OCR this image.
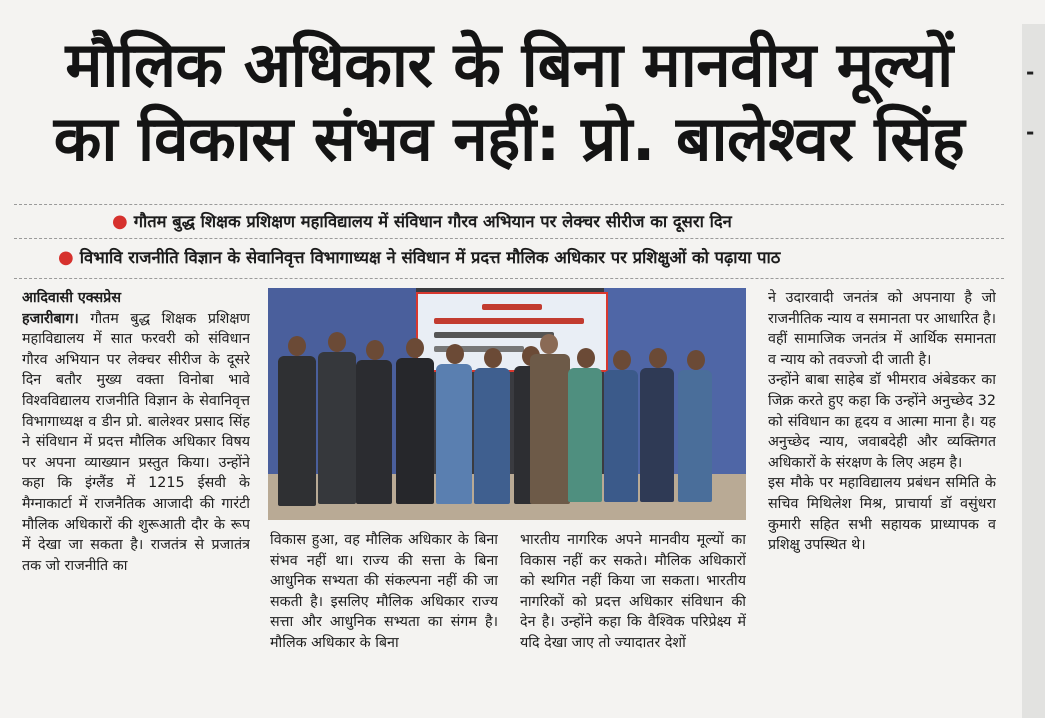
मौलिक अधिकार के बिना मानवीय मूल्यों
का विकास संभव नहीं: प्रो. बालेश्वर सिंह
● गौतम बुद्ध शिक्षक प्रशिक्षण महाविद्यालय में संविधान गौरव अभियान पर लेक्चर सीरीज का दूसरा दिन
● विभावि राजनीति विज्ञान के सेवानिवृत्त विभागाध्यक्ष ने संविधान में प्रदत्त मौलिक अधिकार पर प्रशिक्षुओं को पढ़ाया पाठ

आदिवासी एक्सप्रेस

हजारीबाग। गौतम बुद्ध शिक्षक प्रशिक्षण महाविद्यालय में सात फरवरी को संविधान गौरव अभियान पर लेक्चर सीरीज के दूसरे दिन बतौर मुख्य वक्ता विनोबा भावे विश्वविद्यालय राजनीति विज्ञान के सेवानिवृत्त विभागाध्यक्ष व डीन प्रो. बालेश्वर प्रसाद सिंह ने संविधान में प्रदत्त मौलिक अधिकार विषय पर अपना व्याख्यान प्रस्तुत किया। उन्होंने कहा कि इंग्लैंड में 1215 ईसवी के मैग्नाकार्टा में राजनैतिक आजादी की गारंटी मौलिक अधिकारों की शुरूआती दौर के रूप में देखा जा सकता है। राजतंत्र से प्रजातंत्र तक जो राजनीति का

विकास हुआ, वह मौलिक अधिकार के बिना संभव नहीं था। राज्य की सत्ता के बिना आधुनिक सभ्यता की संकल्पना नहीं की जा सकती है। इसलिए मौलिक अधिकार राज्य सत्ता और आधुनिक सभ्यता का संगम है। मौलिक अधिकार के बिना

भारतीय नागरिक अपने मानवीय मूल्यों का विकास नहीं कर सकते। मौलिक अधिकारों को स्थगित नहीं किया जा सकता। भारतीय नागरिकों को प्रदत्त अधिकार संविधान की देन है। उन्होंने कहा कि वैश्विक परिप्रेक्ष्य में यदि देखा जाए तो ज्यादातर देशों

ने उदारवादी जनतंत्र को अपनाया है जो राजनीतिक न्याय व समानता पर आधारित है। वहीं सामाजिक जनतंत्र में आर्थिक समानता व न्याय को तवज्जो दी जाती है।

उन्होंने बाबा साहेब डॉ भीमराव अंबेडकर का जिक्र करते हुए कहा कि उन्होंने अनुच्छेद 32 को संविधान का हृदय व आत्मा माना है। यह अनुच्छेद न्याय, जवाबदेही और व्यक्तिगत अधिकारों के संरक्षण के लिए अहम है।

इस मौके पर महाविद्यालय प्रबंधन समिति के सचिव मिथिलेश मिश्र, प्राचार्या डॉ वसुंधरा कुमारी सहित सभी सहायक प्राध्यापक व प्रशिक्षु उपस्थित थे।

-
-
